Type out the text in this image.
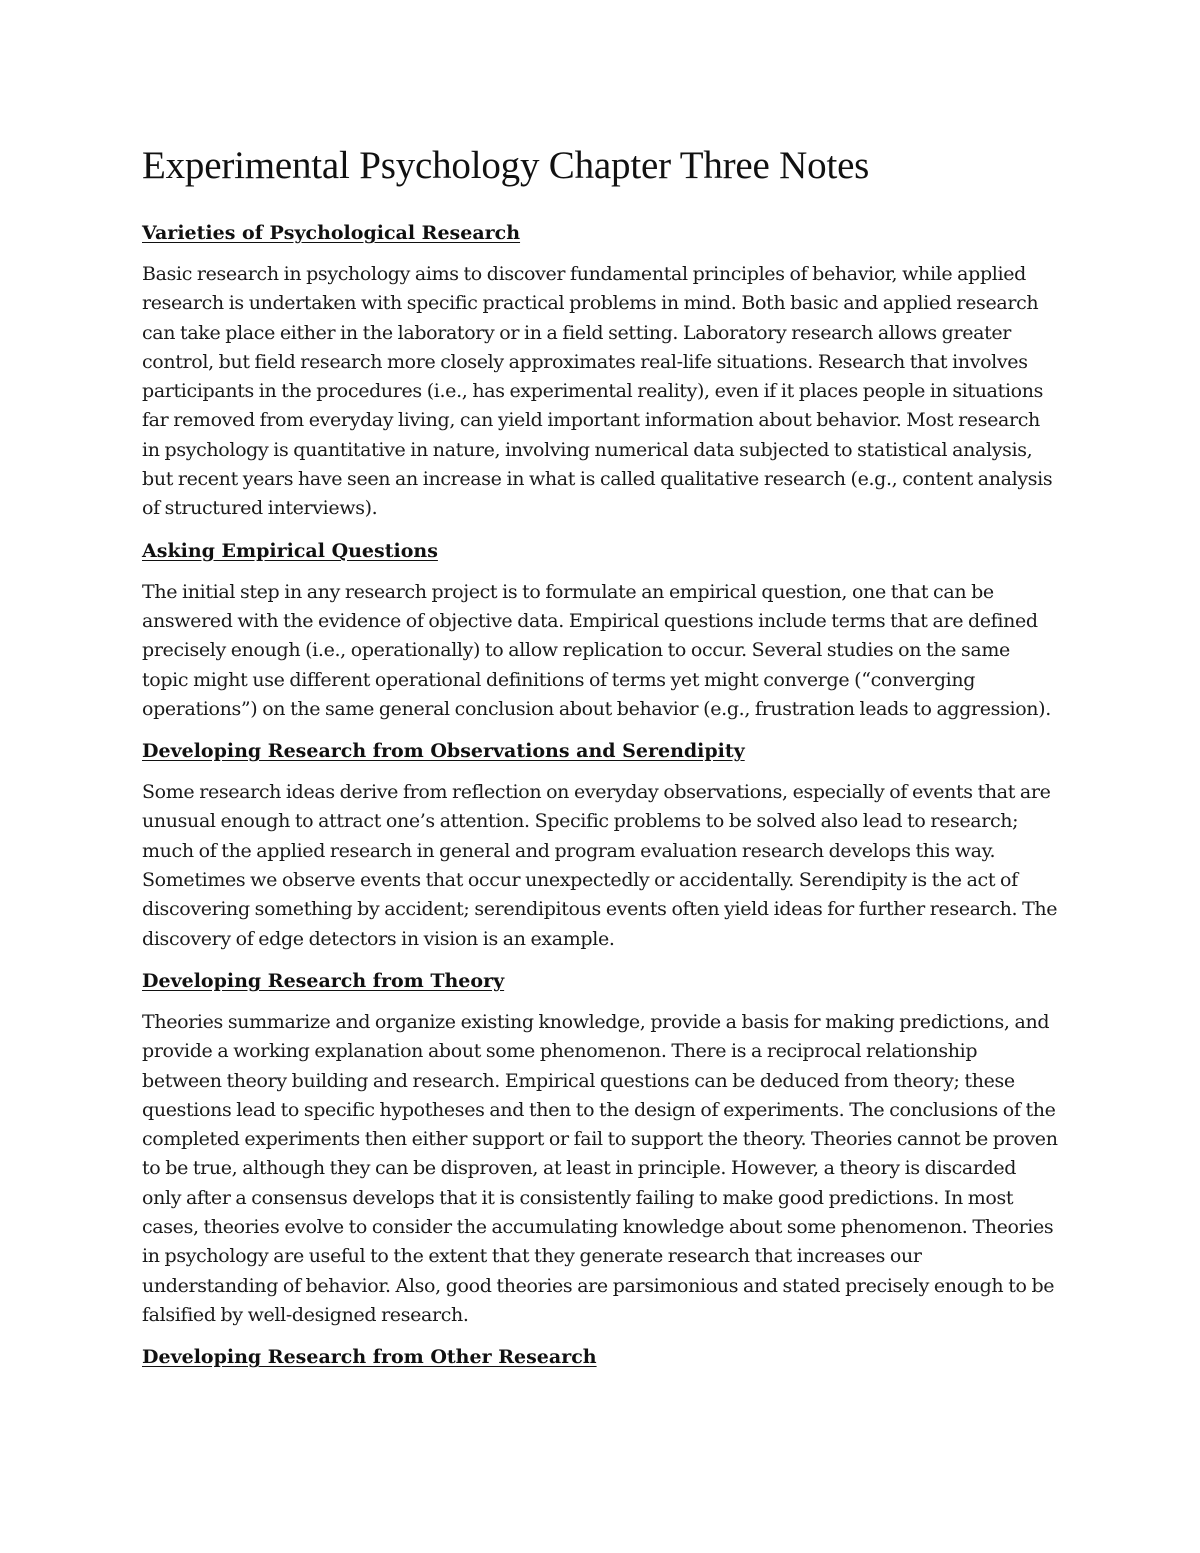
Experimental Psychology Chapter Three Notes
Varieties of Psychological Research

Basic research in psychology aims to discover fundamental principles of behavior, while applied research is undertaken with specific practical problems in mind. Both basic and applied research can take place either in the laboratory or in a field setting. Laboratory research allows greater control, but field research more closely approximates real-life situations. Research that involves participants in the procedures (i.e., has experimental reality), even if it places people in situations far removed from everyday living, can yield important information about behavior. Most research in psychology is quantitative in nature, involving numerical data subjected to statistical analysis, but recent years have seen an increase in what is called qualitative research (e.g., content analysis of structured interviews).

Asking Empirical Questions

The initial step in any research project is to formulate an empirical question, one that can be answered with the evidence of objective data. Empirical questions include terms that are defined precisely enough (i.e., operationally) to allow replication to occur. Several studies on the same topic might use different operational definitions of terms yet might converge (“converging operations”) on the same general conclusion about behavior (e.g., frustration leads to aggression).

Developing Research from Observations and Serendipity

Some research ideas derive from reflection on everyday observations, especially of events that are unusual enough to attract one’s attention. Specific problems to be solved also lead to research; much of the applied research in general and program evaluation research develops this way. Sometimes we observe events that occur unexpectedly or accidentally. Serendipity is the act of discovering something by accident; serendipitous events often yield ideas for further research. The discovery of edge detectors in vision is an example.

Developing Research from Theory

Theories summarize and organize existing knowledge, provide a basis for making predictions, and provide a working explanation about some phenomenon. There is a reciprocal relationship between theory building and research. Empirical questions can be deduced from theory; these questions lead to specific hypotheses and then to the design of experiments. The conclusions of the completed experiments then either support or fail to support the theory. Theories cannot be proven to be true, although they can be disproven, at least in principle. However, a theory is discarded only after a consensus develops that it is consistently failing to make good predictions. In most cases, theories evolve to consider the accumulating knowledge about some phenomenon. Theories in psychology are useful to the extent that they generate research that increases our understanding of behavior. Also, good theories are parsimonious and stated precisely enough to be falsified by well-designed research.

Developing Research from Other Research
